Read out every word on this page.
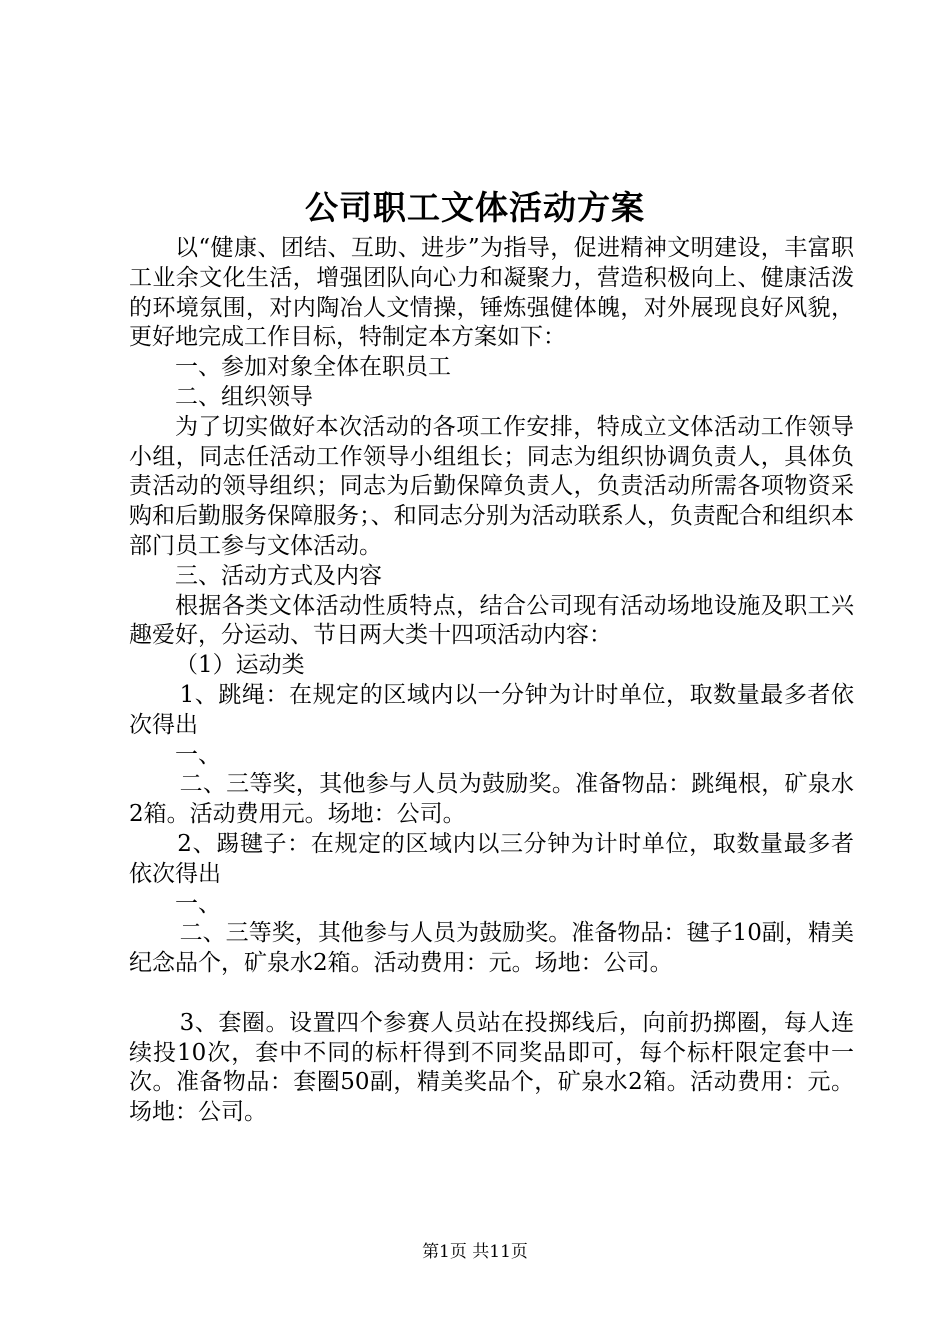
公司职工文体活动方案

以“健康、团结、互助、进步”为指导，促进精神文明建设，丰富职工业余文化生活，增强团队向心力和凝聚力，营造积极向上、健康活泼的环境氛围，对内陶冶人文情操，锤炼强健体魄，对外展现良好风貌，更好地完成工作目标，特制定本方案如下：

一、参加对象全体在职员工

二、组织领导

为了切实做好本次活动的各项工作安排，特成立文体活动工作领导小组，同志任活动工作领导小组组长；同志为组织协调负责人，具体负责活动的领导组织；同志为后勤保障负责人，负责活动所需各项物资采购和后勤服务保障服务；、和同志分别为活动联系人，负责配合和组织本部门员工参与文体活动。

三、活动方式及内容

根据各类文体活动性质特点，结合公司现有活动场地设施及职工兴趣爱好，分运动、节日两大类十四项活动内容：

（1）运动类

1、跳绳：在规定的区域内以一分钟为计时单位，取数量最多者依次得出

一、

二、三等奖，其他参与人员为鼓励奖。准备物品：跳绳根，矿泉水2箱。活动费用元。场地：公司。

2、踢毽子：在规定的区域内以三分钟为计时单位，取数量最多者依次得出

一、

二、三等奖，其他参与人员为鼓励奖。准备物品：毽子10副，精美纪念品个，矿泉水2箱。活动费用：元。场地：公司。

3、套圈。设置四个参赛人员站在投掷线后，向前扔掷圈，每人连续投10次，套中不同的标杆得到不同奖品即可，每个标杆限定套中一次。准备物品：套圈50副，精美奖品个，矿泉水2箱。活动费用：元。场地：公司。

第1页 共11页
